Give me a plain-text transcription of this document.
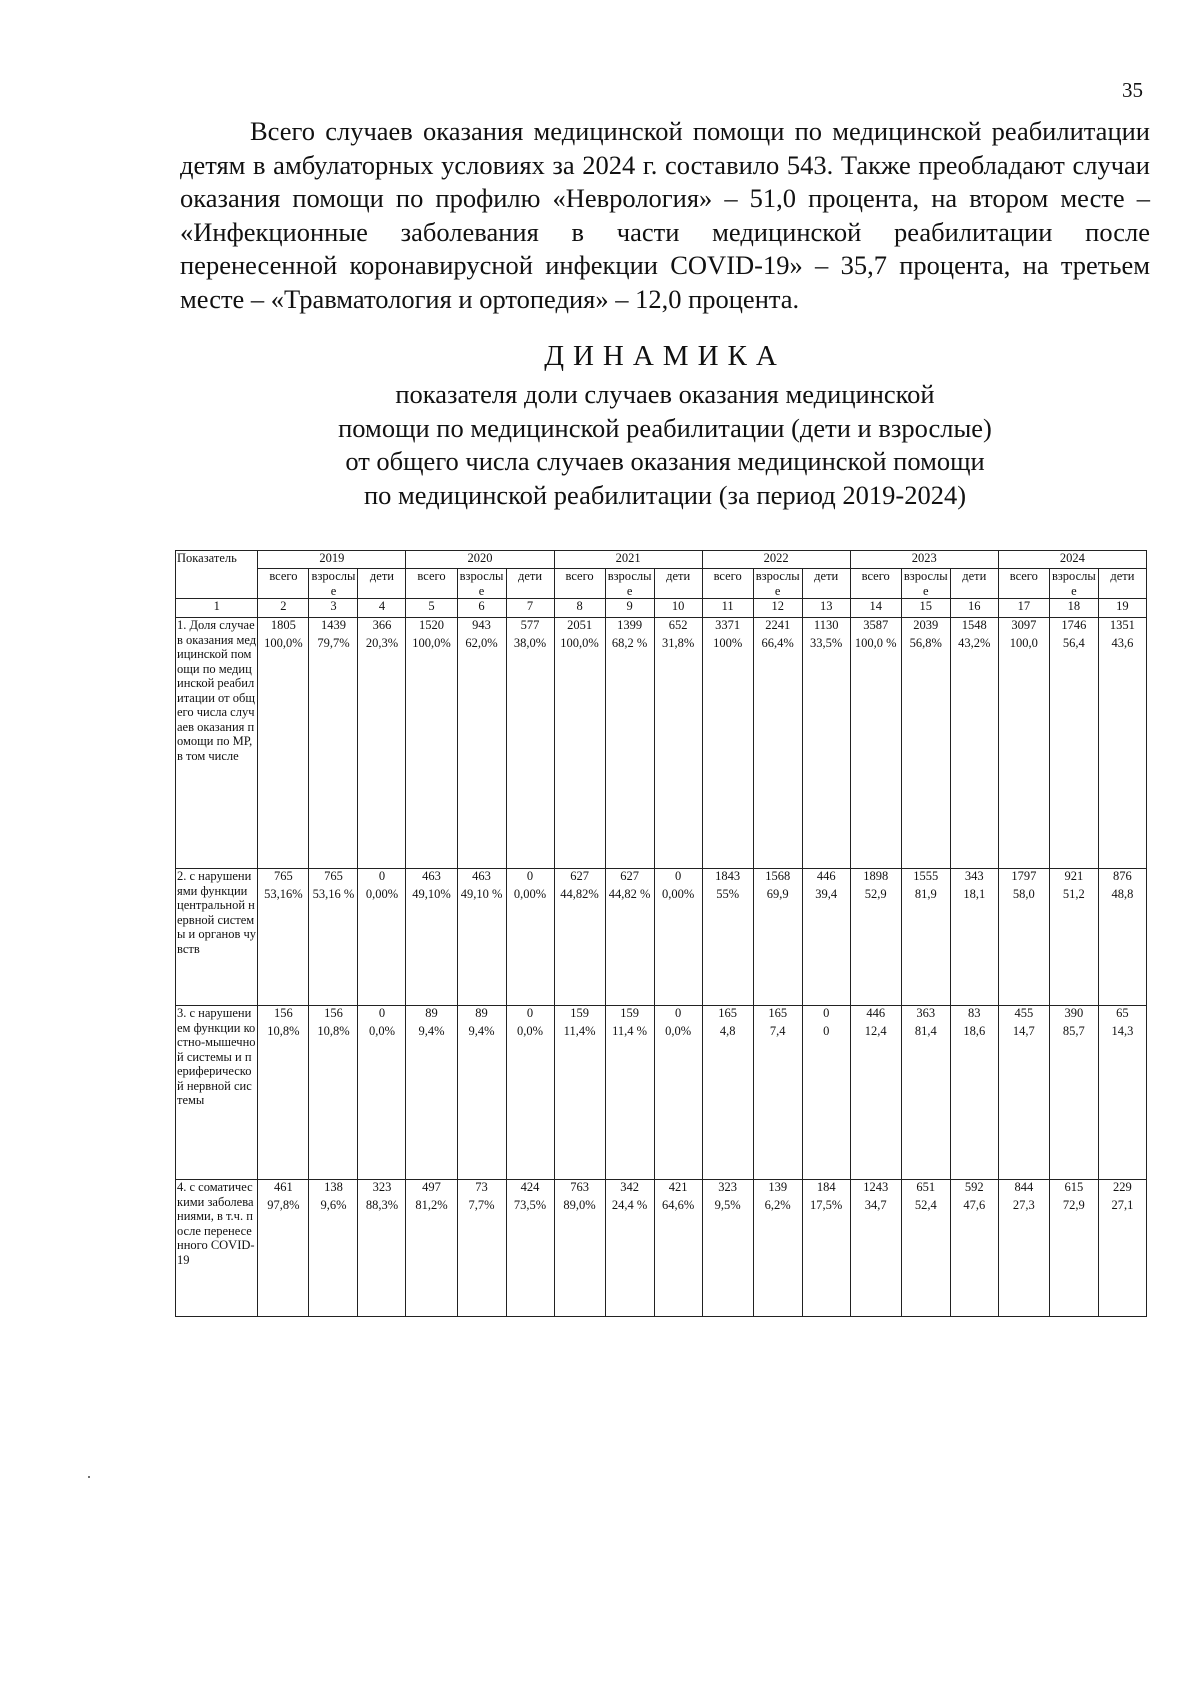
35

Всего случаев оказания медицинской помощи по медицинской реабилитации детям в амбулаторных условиях за 2024 г. составило 543. Также преобладают случаи оказания помощи по профилю «Неврология» – 51,0 процента, на втором месте – «Инфекционные заболевания в части медицинской реабилитации после перенесенной коронавирусной инфекции COVID-19» – 35,7 процента, на третьем месте – «Травматология и ортопедия» – 12,0 процента.

ДИНАМИКА
показателя доли случаев оказания медицинской
помощи по медицинской реабилитации (дети и взрослые)
от общего числа случаев оказания медицинской помощи
по медицинской реабилитации (за период 2019-2024)
Показатель	2019			2020			2021			2022			2023			2024		
	всего	взрослые	дети	всего	взрослые	дети	всего	взрослые	дети	всего	взрослые	дети	всего	взрослые	дети	всего	взрослые	дети
1	2	3	4	5	6	7	8	9	10	11	12	13	14	15	16	17	18	19
1. Доля случаев оказания медицинской помощи по медицинской реабилитации от общего числа случаев оказания помощи по МР, в том числе	1805	1439	366	1520	943	577	2051	1399	652	3371	2241	1130	3587	2039	1548	3097	1746	1351
	100,0%	79,7%	20,3%	100,0%	62,0%	38,0%	100,0%	68,2 %	31,8%	100%	66,4%	33,5%	100,0 %	56,8%	43,2%	100,0	56,4	43,6
2. с нарушениями функции центральной нервной системы и органов чувств	765	765	0	463	463	0	627	627	0	1843	1568	446	1898	1555	343	1797	921	876
	53,16%	53,16 %	0,00%	49,10%	49,10 %	0,00%	44,82%	44,82 %	0,00%	55%	69,9	39,4	52,9	81,9	18,1	58,0	51,2	48,8
3. с нарушением функции костно-мышечной системы и периферической нервной системы	156	156	0	89	89	0	159	159	0	165	165	0	446	363	83	455	390	65
	10,8%	10,8%	0,0%	9,4%	9,4%	0,0%	11,4%	11,4 %	0,0%	4,8	7,4	0	12,4	81,4	18,6	14,7	85,7	14,3
4. с соматическими заболеваниями, в т.ч. после перенесенного COVID-19	461	138	323	497	73	424	763	342	421	323	139	184	1243	651	592	844	615	229
	97,8%	9,6%	88,3%	81,2%	7,7%	73,5%	89,0%	24,4 %	64,6%	9,5%	6,2%	17,5%	34,7	52,4	47,6	27,3	72,9	27,1
